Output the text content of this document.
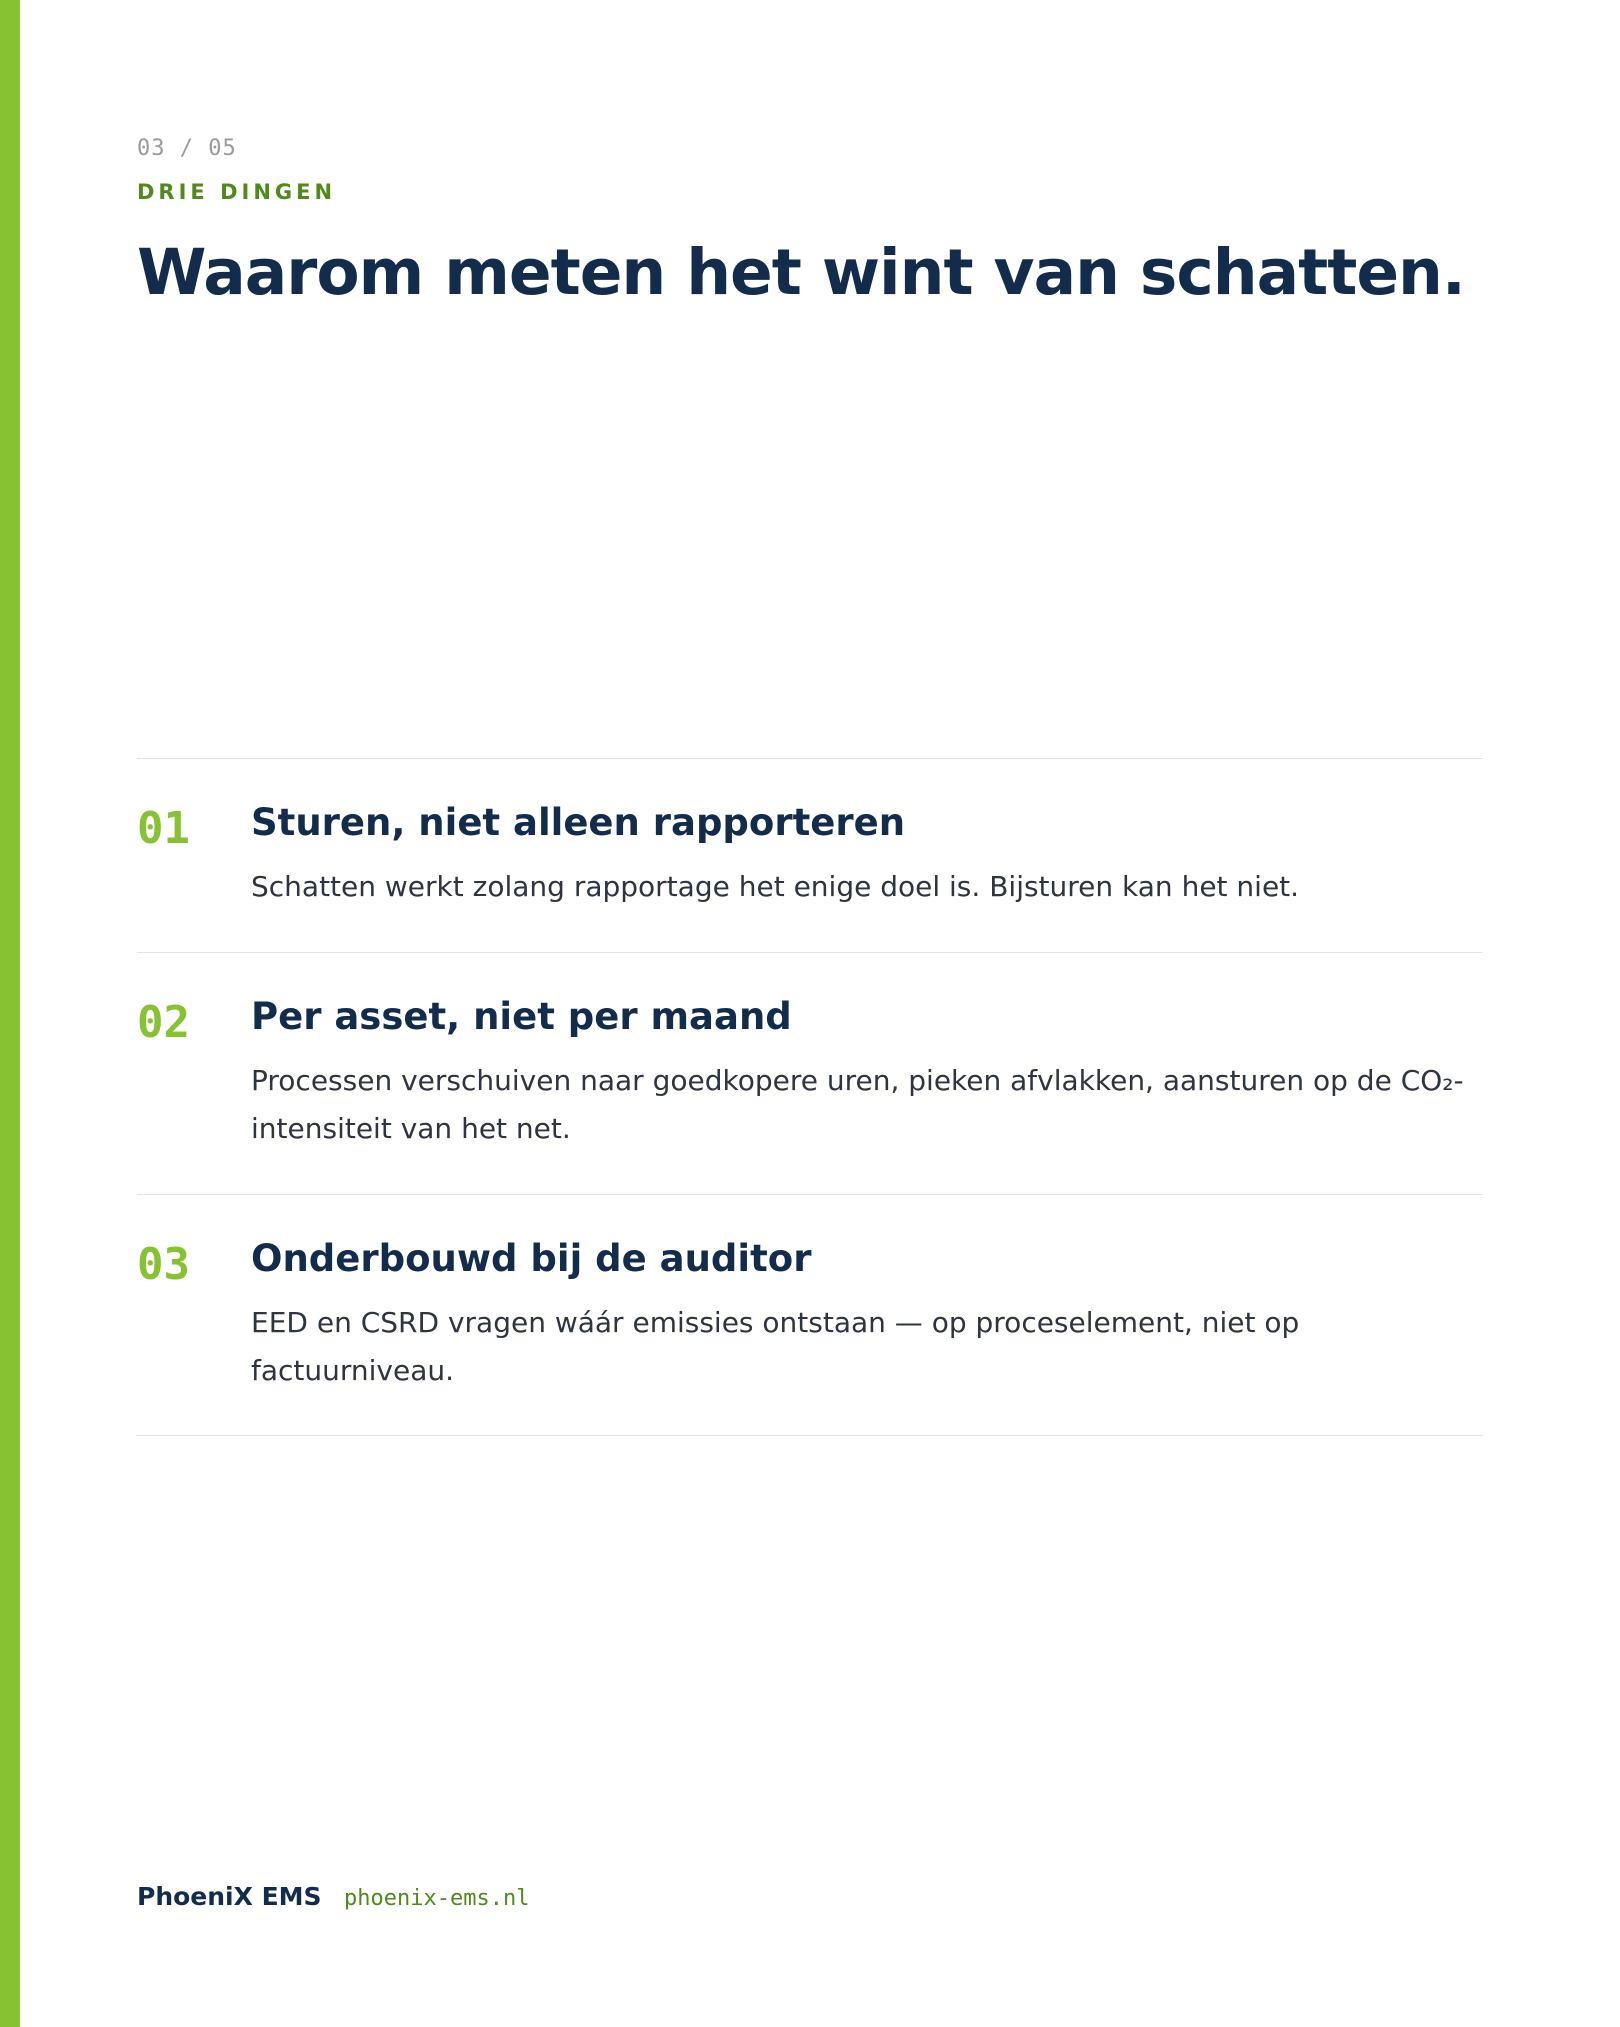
03 / 05
DRIE DINGEN
Waarom meten het wint van schatten.
01 Sturen, niet alleen rapporteren

Schatten werkt zolang rapportage het enige doel is. Bijsturen kan het niet.

02 Per asset, niet per maand

Processen verschuiven naar goedkopere uren, pieken afvlakken, aansturen op de CO₂-intensiteit van het net.

03 Onderbouwd bij de auditor

EED en CSRD vragen wáár emissies ontstaan — op proceselement, niet op factuurniveau.

PhoeniX EMS phoenix-ems.nl
